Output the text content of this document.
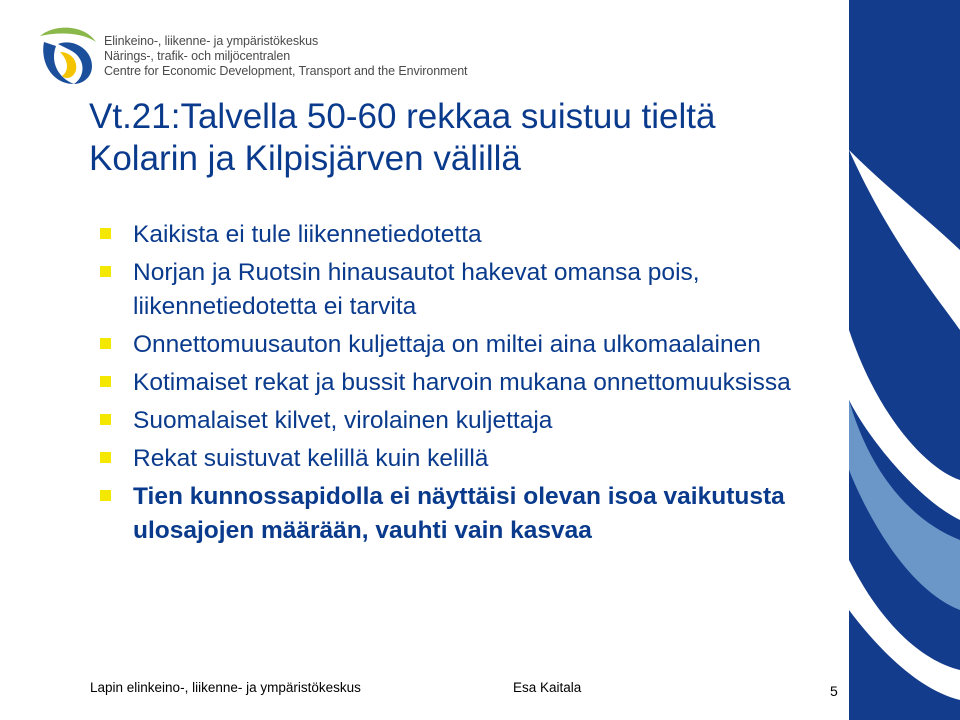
Elinkeino-, liikenne- ja ympäristökeskus
Närings-, trafik- och miljöcentralen
Centre for Economic Development, Transport and the Environment
Vt.21:Talvella 50-60 rekkaa suistuu tieltä
Kolarin ja Kilpisjärven välillä
Kaikista ei tule liikennetiedotetta
Norjan ja Ruotsin hinausautot hakevat omansa pois, liikennetiedotetta ei tarvita
Onnettomuusauton kuljettaja on miltei aina ulkomaalainen
Kotimaiset rekat ja bussit harvoin mukana onnettomuuksissa
Suomalaiset kilvet, virolainen kuljettaja
Rekat suistuvat kelillä kuin kelillä
Tien kunnossapidolla ei näyttäisi olevan isoa vaikutusta ulosajojen määrään, vauhti vain kasvaa
Lapin elinkeino-, liikenne- ja ympäristökeskus	Esa Kaitala	5
